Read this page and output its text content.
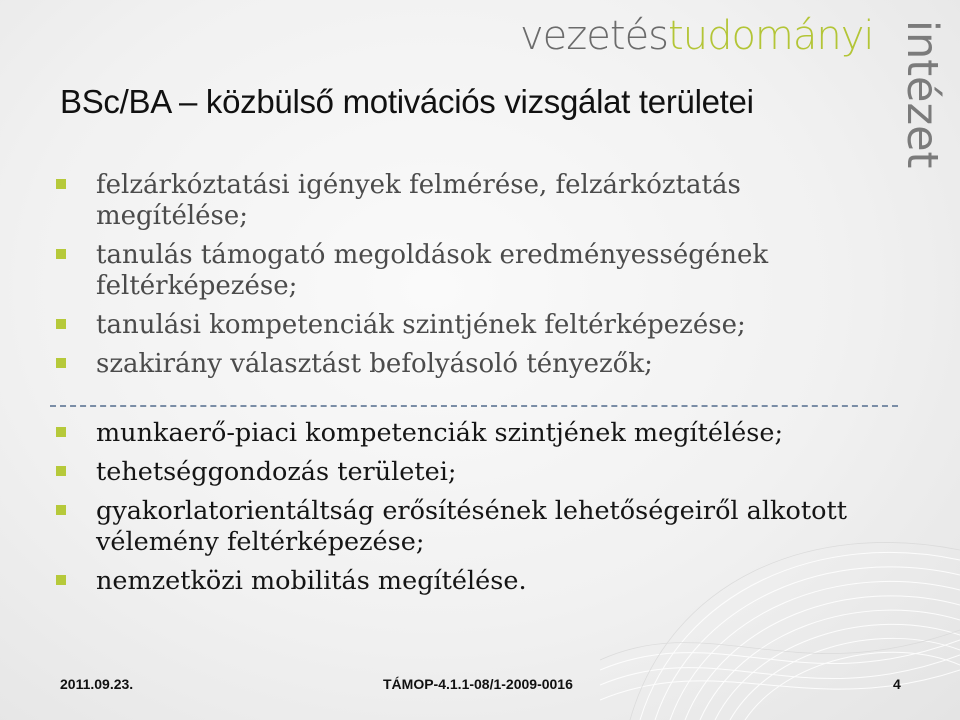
vezetéstudományi intézet
BSc/BA – közbülső motivációs vizsgálat területei
felzárkóztatási igények felmérése, felzárkóztatás megítélése;
tanulás támogató megoldások eredményességének feltérképezése;
tanulási kompetenciák szintjének feltérképezése;
szakirány választást befolyásoló tényezők;
munkaerő-piaci kompetenciák szintjének megítélése;
tehetséggondozás területei;
gyakorlatorientáltság erősítésének lehetőségeiről alkotott vélemény feltérképezése;
nemzetközi mobilitás megítélése.
2011.09.23.	TÁMOP-4.1.1-08/1-2009-0016	4
